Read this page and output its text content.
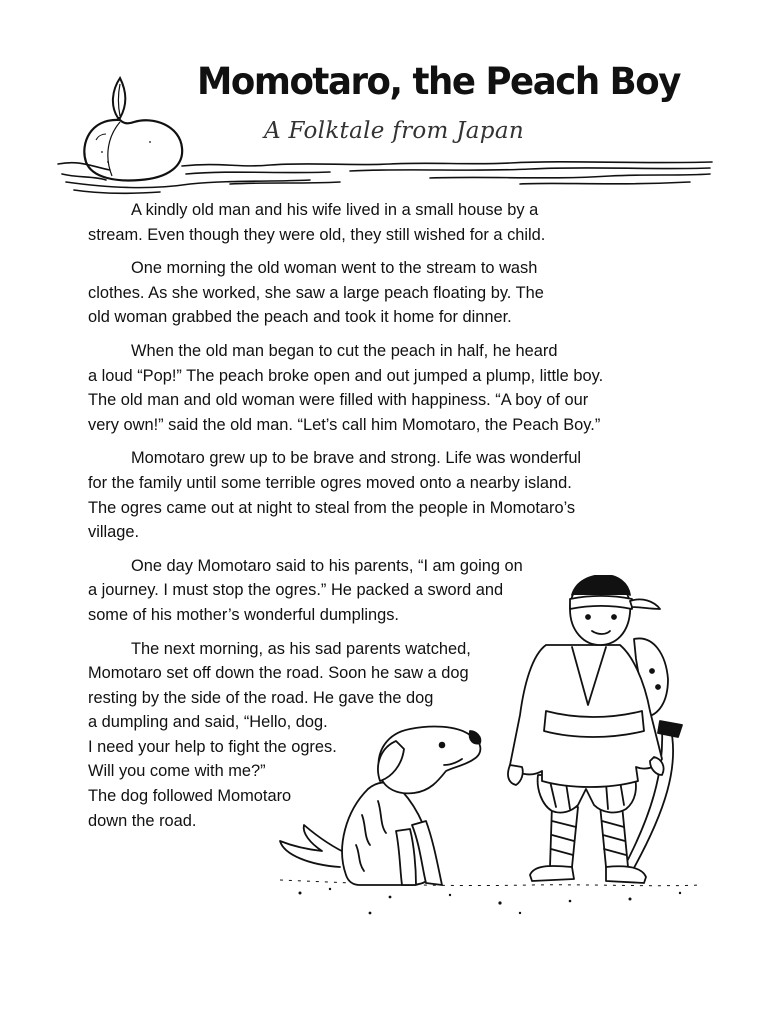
Momotaro, the Peach Boy
A Folktale from Japan

A kindly old man and his wife lived in a small house by a
stream. Even though they were old, they still wished for a child.

One morning the old woman went to the stream to wash
clothes. As she worked, she saw a large peach floating by. The
old woman grabbed the peach and took it home for dinner.

When the old man began to cut the peach in half, he heard
a loud “Pop!” The peach broke open and out jumped a plump, little boy.
The old man and old woman were filled with happiness. “A boy of our
very own!” said the old man. “Let’s call him Momotaro, the Peach Boy.”

Momotaro grew up to be brave and strong. Life was wonderful
for the family until some terrible ogres moved onto a nearby island.
The ogres came out at night to steal from the people in Momotaro’s
village.

One day Momotaro said to his parents, “I am going on
a journey. I must stop the ogres.” He packed a sword and
some of his mother’s wonderful dumplings.

The next morning, as his sad parents watched,
Momotaro set off down the road. Soon he saw a dog
resting by the side of the road. He gave the dog
a dumpling and said, “Hello, dog.
I need your help to fight the ogres.
Will you come with me?”
The dog followed Momotaro
down the road.
